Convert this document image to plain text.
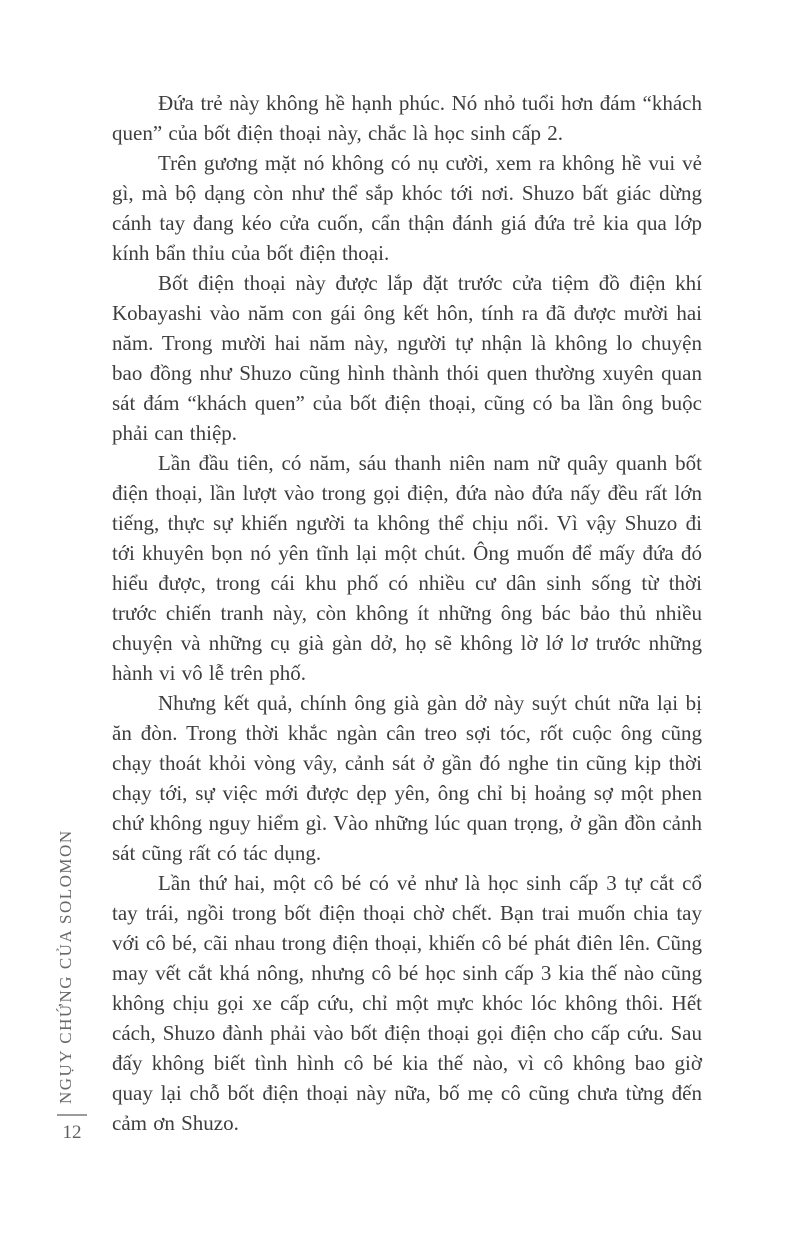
NGỤY CHỨNG CỦA SOLOMON
12

Đứa trẻ này không hề hạnh phúc. Nó nhỏ tuổi hơn đám “khách quen” của bốt điện thoại này, chắc là học sinh cấp 2.

Trên gương mặt nó không có nụ cười, xem ra không hề vui vẻ gì, mà bộ dạng còn như thể sắp khóc tới nơi. Shuzo bất giác dừng cánh tay đang kéo cửa cuốn, cẩn thận đánh giá đứa trẻ kia qua lớp kính bẩn thỉu của bốt điện thoại.

Bốt điện thoại này được lắp đặt trước cửa tiệm đồ điện khí Kobayashi vào năm con gái ông kết hôn, tính ra đã được mười hai năm. Trong mười hai năm này, người tự nhận là không lo chuyện bao đồng như Shuzo cũng hình thành thói quen thường xuyên quan sát đám “khách quen” của bốt điện thoại, cũng có ba lần ông buộc phải can thiệp.

Lần đầu tiên, có năm, sáu thanh niên nam nữ quây quanh bốt điện thoại, lần lượt vào trong gọi điện, đứa nào đứa nấy đều rất lớn tiếng, thực sự khiến người ta không thể chịu nổi. Vì vậy Shuzo đi tới khuyên bọn nó yên tĩnh lại một chút. Ông muốn để mấy đứa đó hiểu được, trong cái khu phố có nhiều cư dân sinh sống từ thời trước chiến tranh này, còn không ít những ông bác bảo thủ nhiều chuyện và những cụ già gàn dở, họ sẽ không lờ lớ lơ trước những hành vi vô lễ trên phố.

Nhưng kết quả, chính ông già gàn dở này suýt chút nữa lại bị ăn đòn. Trong thời khắc ngàn cân treo sợi tóc, rốt cuộc ông cũng chạy thoát khỏi vòng vây, cảnh sát ở gần đó nghe tin cũng kịp thời chạy tới, sự việc mới được dẹp yên, ông chỉ bị hoảng sợ một phen chứ không nguy hiểm gì. Vào những lúc quan trọng, ở gần đồn cảnh sát cũng rất có tác dụng.

Lần thứ hai, một cô bé có vẻ như là học sinh cấp 3 tự cắt cổ tay trái, ngồi trong bốt điện thoại chờ chết. Bạn trai muốn chia tay với cô bé, cãi nhau trong điện thoại, khiến cô bé phát điên lên. Cũng may vết cắt khá nông, nhưng cô bé học sinh cấp 3 kia thế nào cũng không chịu gọi xe cấp cứu, chỉ một mực khóc lóc không thôi. Hết cách, Shuzo đành phải vào bốt điện thoại gọi điện cho cấp cứu. Sau đấy không biết tình hình cô bé kia thế nào, vì cô không bao giờ quay lại chỗ bốt điện thoại này nữa, bố mẹ cô cũng chưa từng đến cảm ơn Shuzo.
